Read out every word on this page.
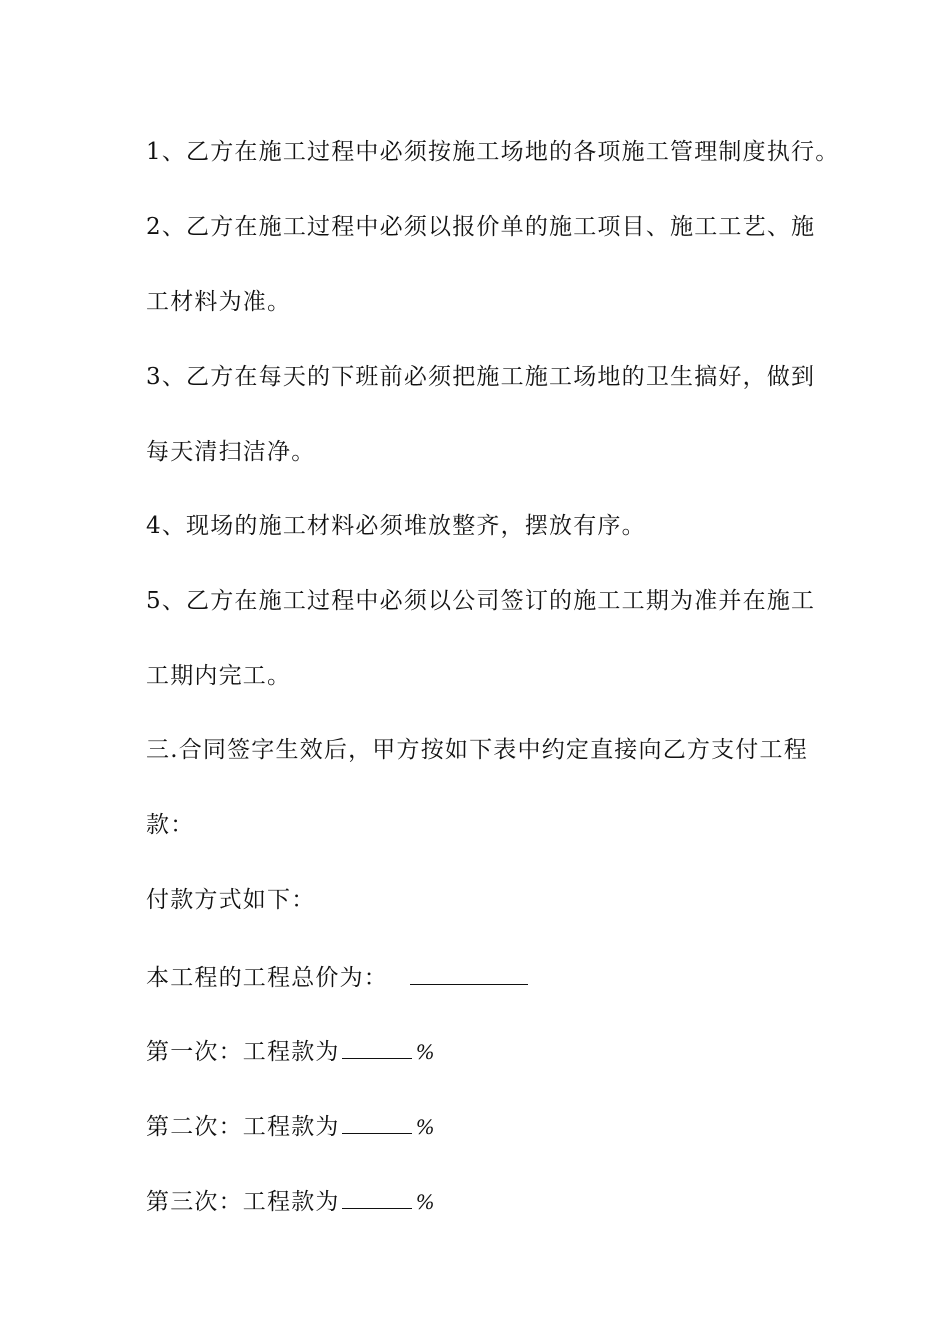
1、乙方在施工过程中必须按施工场地的各项施工管理制度执行。
2、乙方在施工过程中必须以报价单的施工项目、施工工艺、施
工材料为准。
3、乙方在每天的下班前必须把施工施工场地的卫生搞好，做到
每天清扫洁净。
4、现场的施工材料必须堆放整齐，摆放有序。
5、乙方在施工过程中必须以公司签订的施工工期为准并在施工
工期内完工。
三.合同签字生效后，甲方按如下表中约定直接向乙方支付工程
款：
付款方式如下：
本工程的工程总价为：
第一次：工程款为	%
第二次：工程款为	%
第三次：工程款为	%
